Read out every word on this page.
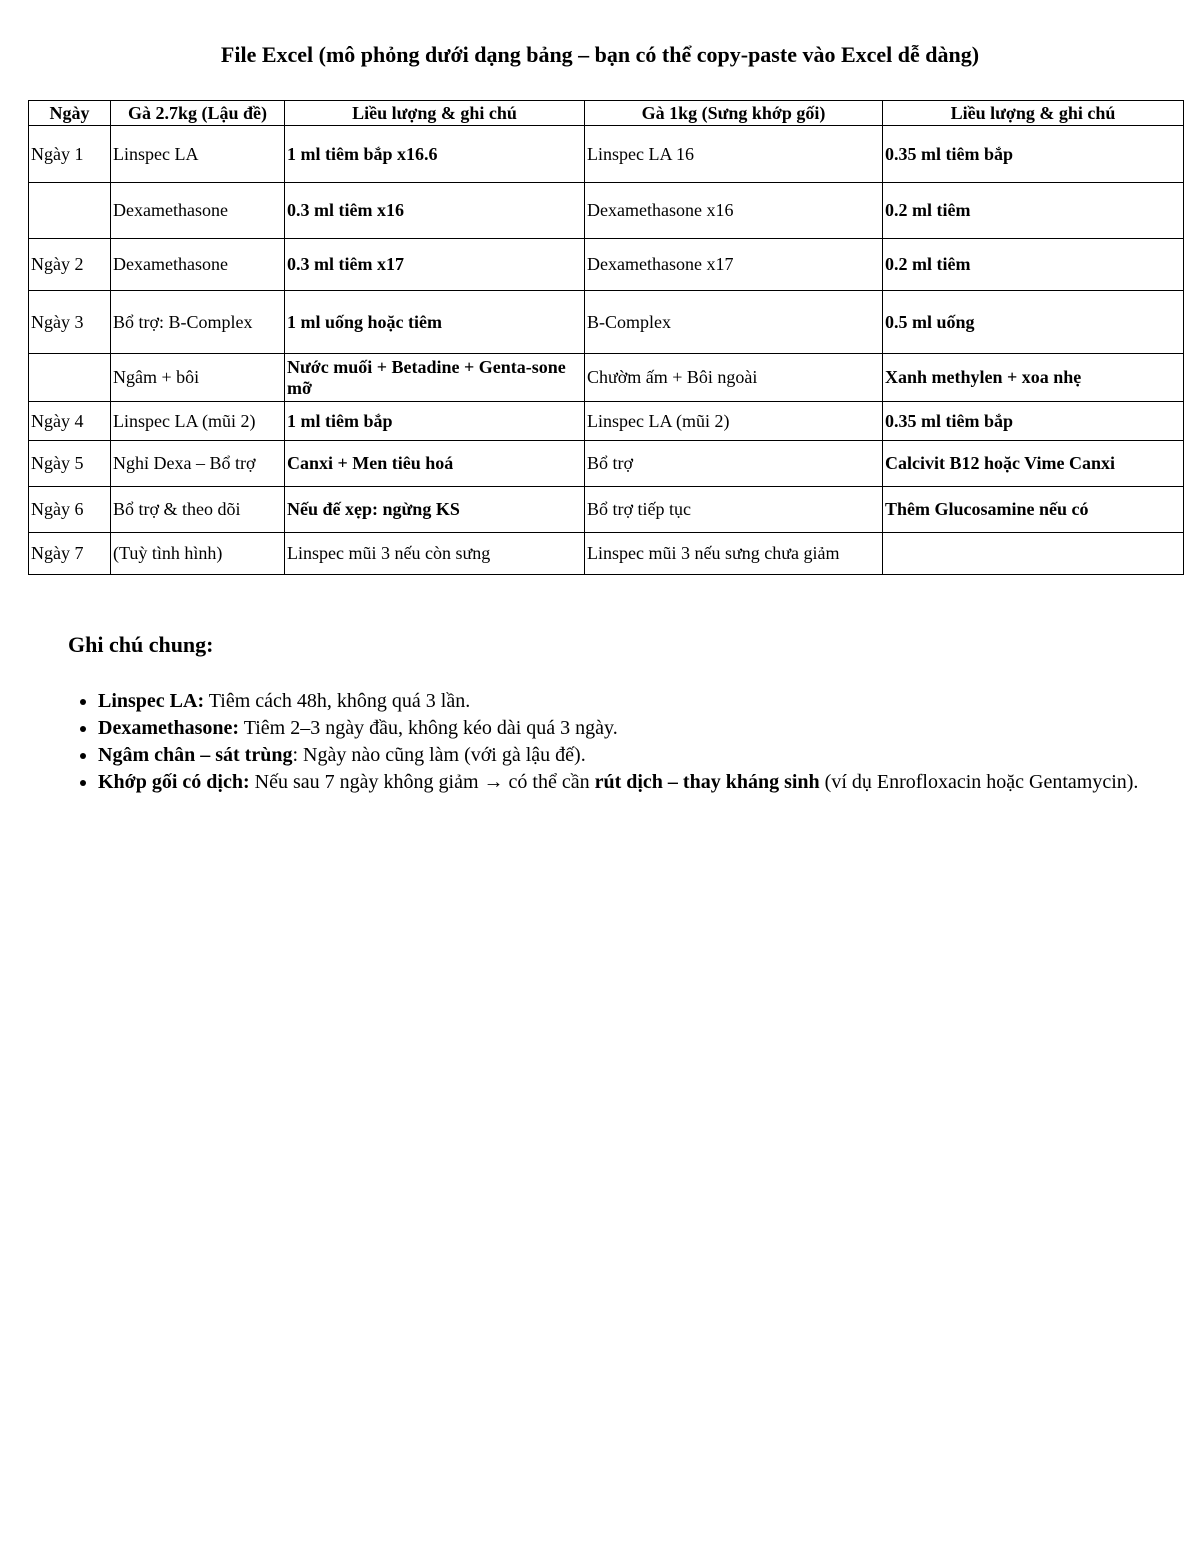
File Excel (mô phỏng dưới dạng bảng – bạn có thể copy-paste vào Excel dễ dàng)
Ngày	Gà 2.7kg (Lậu đề)	Liều lượng & ghi chú	Gà 1kg (Sưng khớp gối)	Liều lượng & ghi chú
Ngày 1	Linspec LA	1 ml tiêm bắp x16.6	Linspec LA 16	0.35 ml tiêm bắp
	Dexamethasone	0.3 ml tiêm x16	Dexamethasone x16	0.2 ml tiêm
Ngày 2	Dexamethasone	0.3 ml tiêm x17	Dexamethasone x17	0.2 ml tiêm
Ngày 3	Bổ trợ: B-Complex	1 ml uống hoặc tiêm	B-Complex	0.5 ml uống
	Ngâm + bôi	Nước muối + Betadine + Genta-sone mỡ	Chườm ấm + Bôi ngoài	Xanh methylen + xoa nhẹ
Ngày 4	Linspec LA (mũi 2)	1 ml tiêm bắp	Linspec LA (mũi 2)	0.35 ml tiêm bắp
Ngày 5	Nghỉ Dexa – Bổ trợ	Canxi + Men tiêu hoá	Bổ trợ	Calcivit B12 hoặc Vime Canxi
Ngày 6	Bổ trợ & theo dõi	Nếu đế xẹp: ngừng KS	Bổ trợ tiếp tục	Thêm Glucosamine nếu có
Ngày 7	(Tuỳ tình hình)	Linspec mũi 3 nếu còn sưng	Linspec mũi 3 nếu sưng chưa giảm	
Ghi chú chung:
• Linspec LA: Tiêm cách 48h, không quá 3 lần.
• Dexamethasone: Tiêm 2–3 ngày đầu, không kéo dài quá 3 ngày.
• Ngâm chân – sát trùng: Ngày nào cũng làm (với gà lậu đế).
• Khớp gối có dịch: Nếu sau 7 ngày không giảm → có thể cần rút dịch – thay kháng sinh (ví dụ Enrofloxacin hoặc Gentamycin).
